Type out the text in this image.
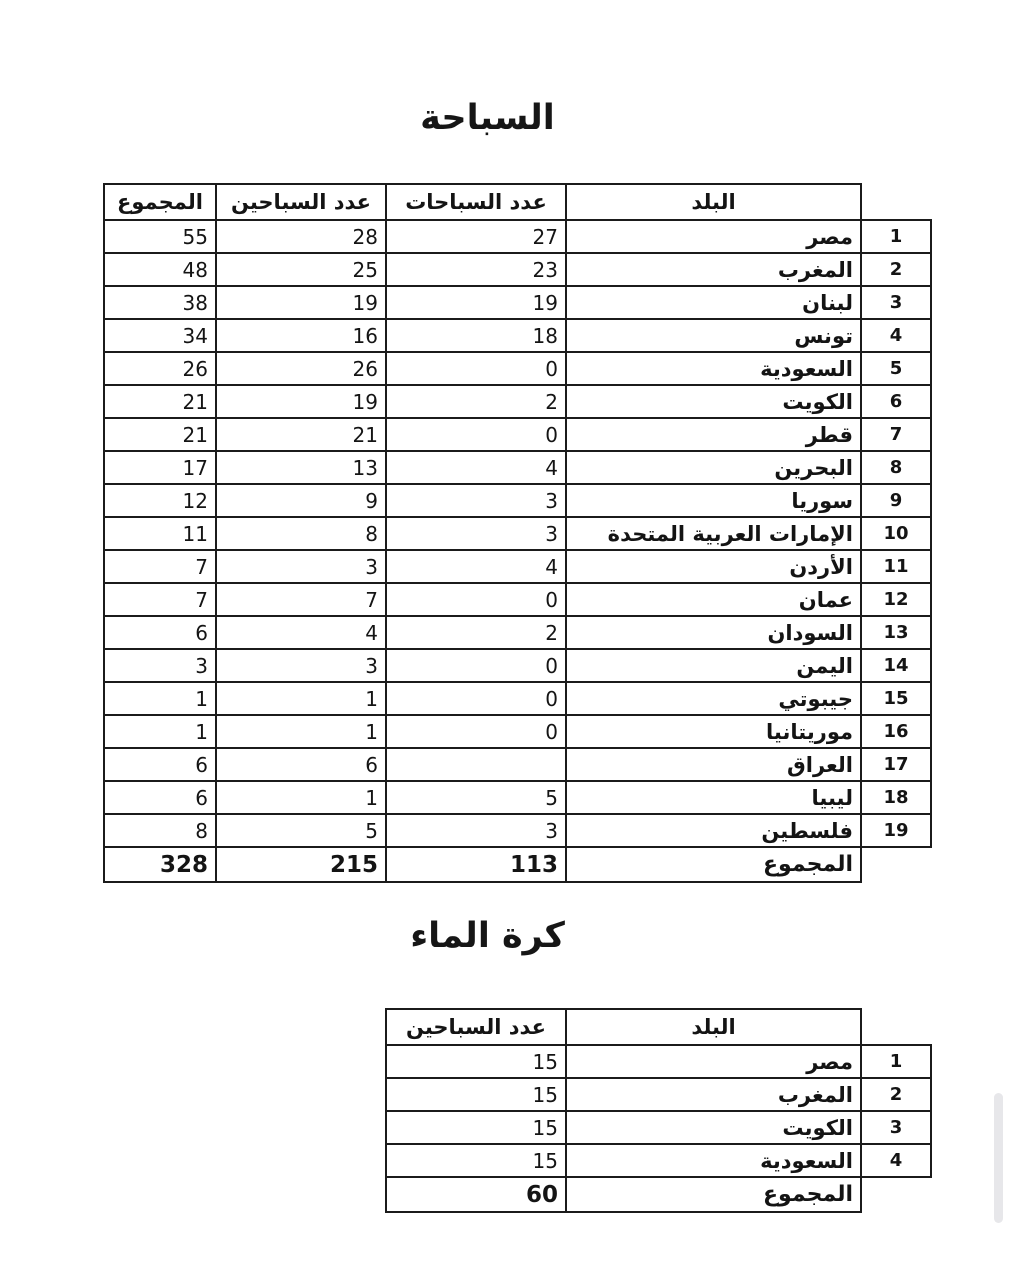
السباحة
	البلد	عدد السباحات	عدد السباحين	المجموع
1	مصر	27	28	55
2	المغرب	23	25	48
3	لبنان	19	19	38
4	تونس	18	16	34
5	السعودية	0	26	26
6	الكويت	2	19	21
7	قطر	0	21	21
8	البحرين	4	13	17
9	سوريا	3	9	12
10	الإمارات العربية المتحدة	3	8	11
11	الأردن	4	3	7
12	عمان	0	7	7
13	السودان	2	4	6
14	اليمن	0	3	3
15	جيبوتي	0	1	1
16	موريتانيا	0	1	1
17	العراق		6	6
18	ليبيا	5	1	6
19	فلسطين	3	5	8
	المجموع	113	215	328
كرة الماء
	البلد	عدد السباحين
1	مصر	15
2	المغرب	15
3	الكويت	15
4	السعودية	15
	المجموع	60
